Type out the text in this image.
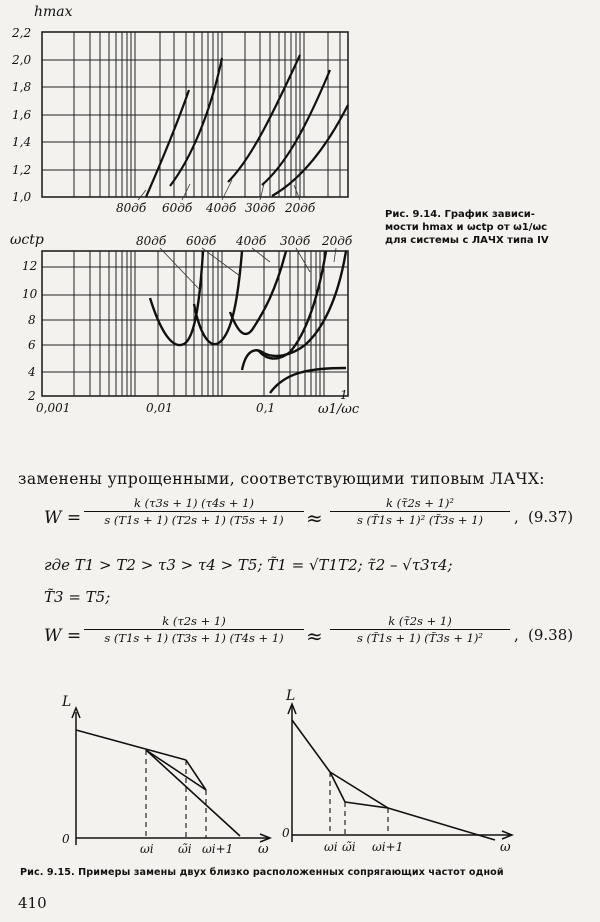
hmax
2,2
2,0
1,8
1,6
1,4
1,2
1,0
80дб 60дб 40дб 30дб 20дб	Рис. 9.14. График зависи-
мости hmax и ωctp от ω1/ωc
для системы с ЛАЧХ типа IV
ωctp	80дб 60дб 40дб 30дб 20дб
12
10
8
6
4
2
0,001	0,01	0,1
1
ω1/ωc
заменены упрощенными, соответствующими типовым ЛАЧХ:
$W = \frac{k (\tau 3s + 1) (\tau 4s + 1)}{s (T1s + 1) (T2s + 1) (T5s + 1)} \approx \frac{\text{k (τ̃2s + 1)²}}{\text{s (T̃1s + 1)² (T̃3s + 1)}}$ , (9.37)
где T1 > T2 > τ3 > τ4 > T5; T̃1 = √T1T2; τ̃2 – √τ3τ4;
T̃3 = T5;
$W = \frac{k (\tau 2s + 1)}{s (T1s + 1) (T3s + 1) (T4s + 1)} \approx \frac{k (\taũ2s + 1)}{\text{s (T̃1s + 1) (T̃3s + 1)²}}$ , (9.38)
L
0
ω
ωi ω̃i ωi+1
L
0
ω
ωi ω̃i ωi+1
Рис. 9.15. Примеры замены двух близко расположенных сопрягающих частот одной
410
